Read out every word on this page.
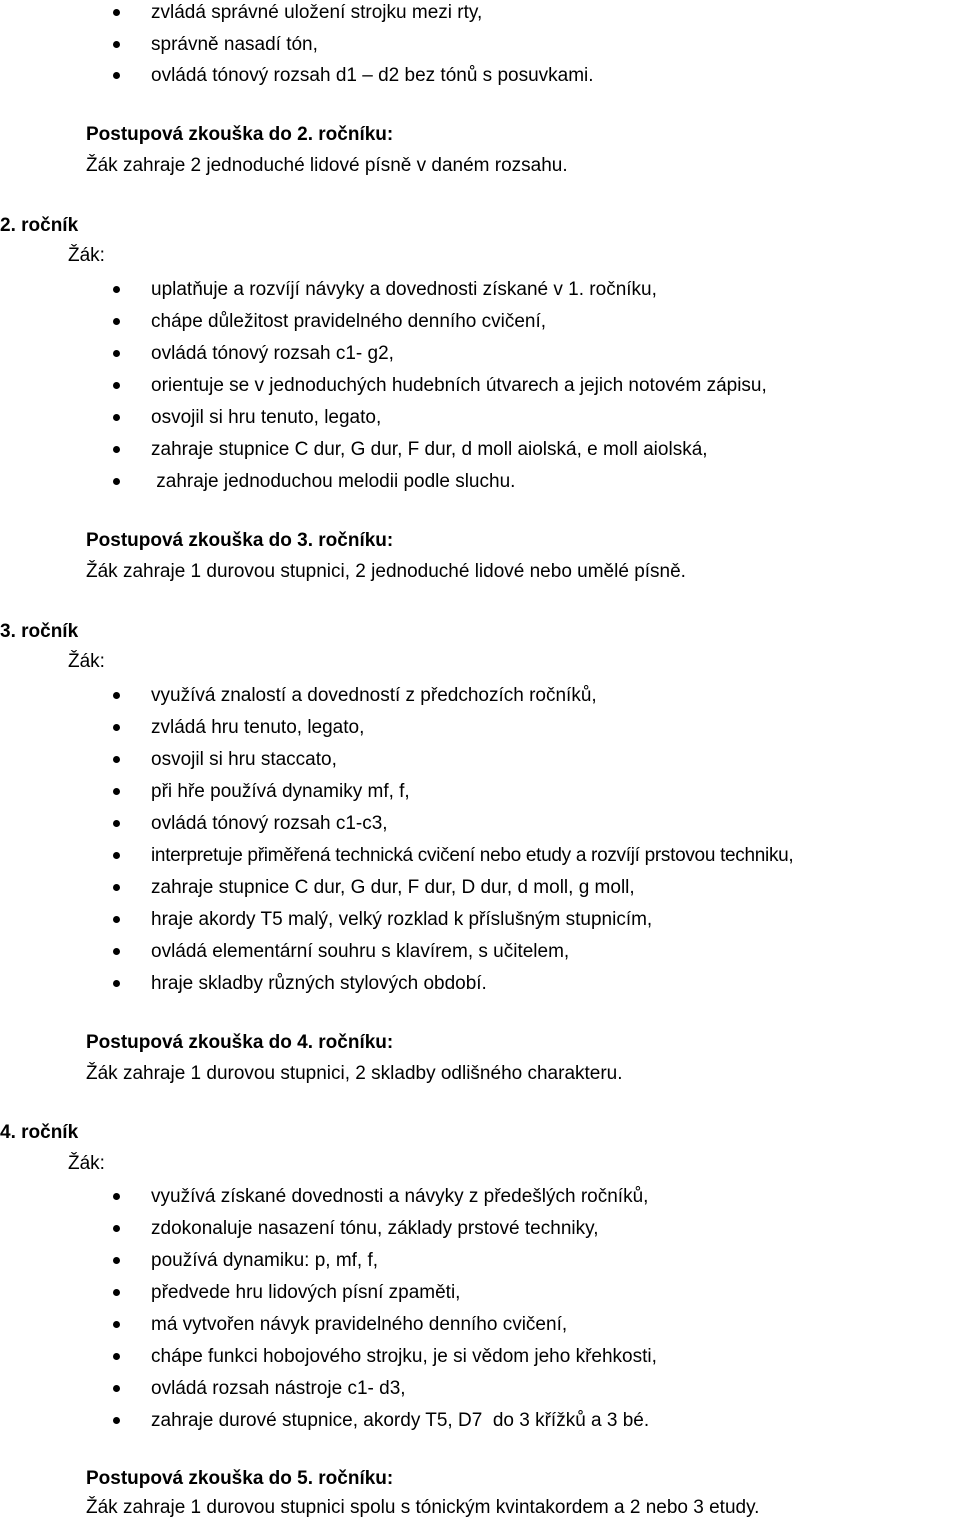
zvládá správné uložení strojku mezi rty,
správně nasadí tón,
ovládá tónový rozsah d1 – d2 bez tónů s posuvkami.
Postupová zkouška do 2. ročníku:
Žák zahraje 2 jednoduché lidové písně v daném rozsahu.
2. ročník
Žák:
uplatňuje a rozvíjí návyky a dovednosti získané v 1. ročníku,
chápe důležitost pravidelného denního cvičení,
ovládá tónový rozsah c1- g2,
orientuje se v jednoduchých hudebních útvarech a jejich notovém zápisu,
osvojil si hru tenuto, legato,
zahraje stupnice C dur, G dur, F dur, d moll aiolská, e moll aiolská,
zahraje jednoduchou melodii podle sluchu.
Postupová zkouška do 3. ročníku:
Žák zahraje 1 durovou stupnici, 2 jednoduché lidové nebo umělé písně.
3. ročník
Žák:
využívá znalostí a dovedností z předchozích ročníků,
zvládá hru tenuto, legato,
osvojil si hru staccato,
při hře používá dynamiky mf, f,
ovládá tónový rozsah c1-c3,
interpretuje přiměřená technická cvičení nebo etudy a rozvíjí prstovou techniku,
zahraje stupnice C dur, G dur, F dur, D dur, d moll, g moll,
hraje akordy T5 malý, velký rozklad k příslušným stupnicím,
ovládá elementární souhru s klavírem, s učitelem,
hraje skladby různých stylových období.
Postupová zkouška do 4. ročníku:
Žák zahraje 1 durovou stupnici, 2 skladby odlišného charakteru.
4. ročník
Žák:
využívá získané dovednosti a návyky z předešlých ročníků,
zdokonaluje nasazení tónu, základy prstové techniky,
používá dynamiku: p, mf, f,
předvede hru lidových písní zpaměti,
má vytvořen návyk pravidelného denního cvičení,
chápe funkci hobojového strojku, je si vědom jeho křehkosti,
ovládá rozsah nástroje c1- d3,
zahraje durové stupnice, akordy T5, D7  do 3 křížků a 3 bé.
Postupová zkouška do 5. ročníku:
Žák zahraje 1 durovou stupnici spolu s tónickým kvintakordem a 2 nebo 3 etudy.
